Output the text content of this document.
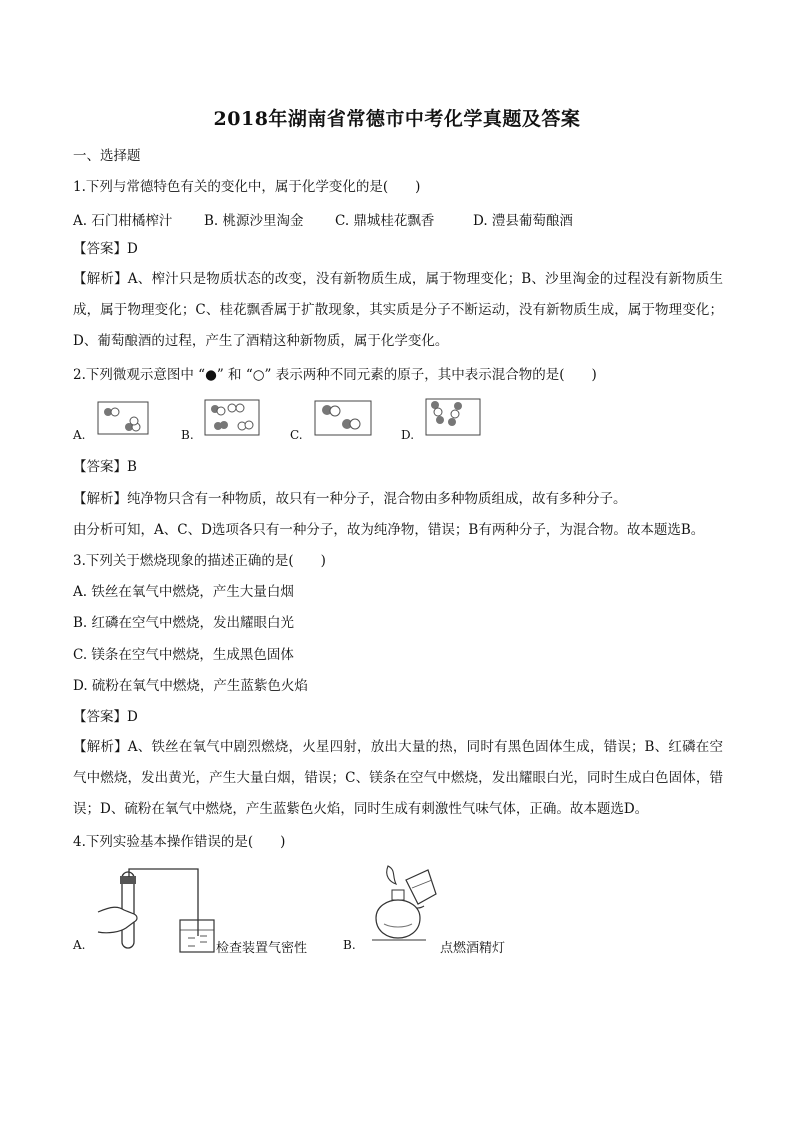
2018年湖南省常德市中考化学真题及答案
一、选择题
1.下列与常德特色有关的变化中，属于化学变化的是(　　)
A. 石门柑橘榨汁 B. 桃源沙里淘金 C. 鼎城桂花飘香	D. 澧县葡萄酿酒
【答案】D
【解析】A、榨汁只是物质状态的改变，没有新物质生成，属于物理变化；B、沙里淘金的过程没有新物质生成，属于物理变化；C、桂花飘香属于扩散现象，其实质是分子不断运动，没有新物质生成，属于物理变化；D、葡萄酿酒的过程，产生了酒精这种新物质，属于化学变化。
2.下列微观示意图中 “●” 和 “○” 表示两种不同元素的原子，其中表示混合物的是(　　)
A.	B.	C.	D.
【答案】B
【解析】纯净物只含有一种物质，故只有一种分子，混合物由多种物质组成，故有多种分子。
由分析可知，A、C、D选项各只有一种分子，故为纯净物，错误；B有两种分子，为混合物。故本题选B。
3.下列关于燃烧现象的描述正确的是(　　)
A. 铁丝在氧气中燃烧，产生大量白烟
B. 红磷在空气中燃烧，发出耀眼白光
C. 镁条在空气中燃烧，生成黑色固体
D. 硫粉在氧气中燃烧，产生蓝紫色火焰
【答案】D
【解析】A、铁丝在氧气中剧烈燃烧，火星四射，放出大量的热，同时有黑色固体生成，错误；B、红磷在空气中燃烧，发出黄光，产生大量白烟，错误；C、镁条在空气中燃烧，发出耀眼白光，同时生成白色固体，错误；D、硫粉在氧气中燃烧，产生蓝紫色火焰，同时生成有刺激性气味气体，正确。故本题选D。
4.下列实验基本操作错误的是(　　)
A.	检查装置气密性	B.	点燃酒精灯
